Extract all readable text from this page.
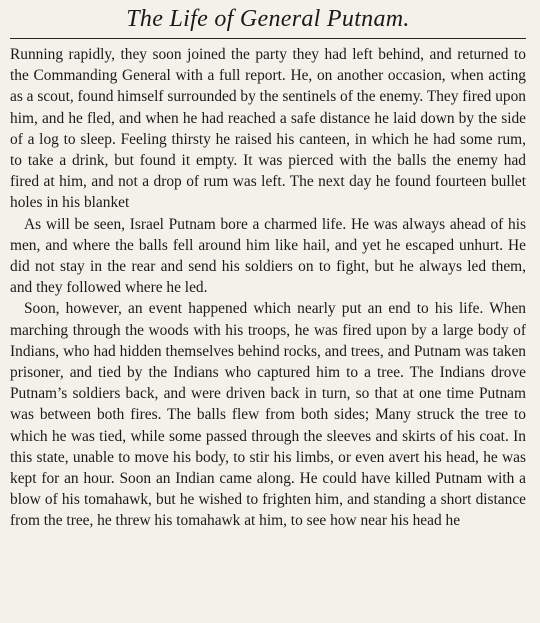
The Life of General Putnam.

Running rapidly, they soon joined the party they had left behind, and returned to the Commanding General with a full report. He, on another occasion, when acting as a scout, found himself surrounded by the sentinels of the enemy. They fired upon him, and he fled, and when he had reached a safe distance he laid down by the side of a log to sleep. Feeling thirsty he raised his canteen, in which he had some rum, to take a drink, but found it empty. It was pierced with the balls the enemy had fired at him, and not a drop of rum was left. The next day he found fourteen bullet holes in his blanket

As will be seen, Israel Putnam bore a charmed life. He was always ahead of his men, and where the balls fell around him like hail, and yet he escaped unhurt. He did not stay in the rear and send his soldiers on to fight, but he always led them, and they followed where he led.

Soon, however, an event happened which nearly put an end to his life. When marching through the woods with his troops, he was fired upon by a large body of Indians, who had hidden themselves behind rocks, and trees, and Putnam was taken prisoner, and tied by the Indians who captured him to a tree. The Indians drove Putnam’s soldiers back, and were driven back in turn, so that at one time Putnam was between both fires. The balls flew from both sides; Many struck the tree to which he was tied, while some passed through the sleeves and skirts of his coat. In this state, unable to move his body, to stir his limbs, or even avert his head, he was kept for an hour. Soon an Indian came along. He could have killed Putnam with a blow of his tomahawk, but he wished to frighten him, and standing a short distance from the tree, he threw his tomahawk at him, to see how near his head he
